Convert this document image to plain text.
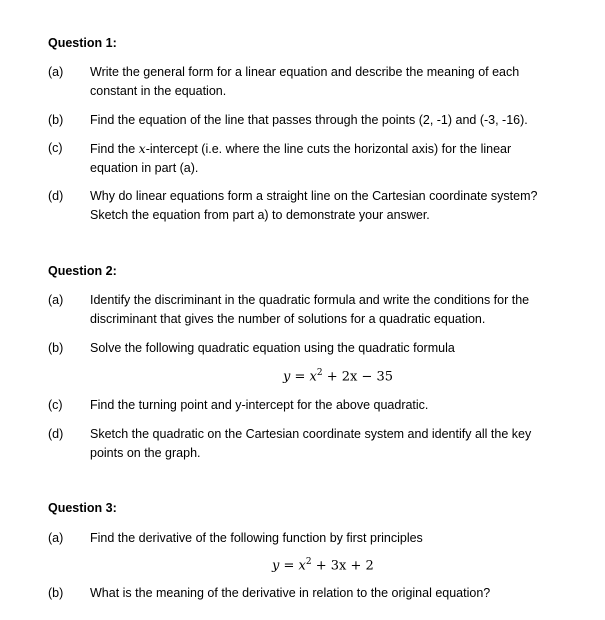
Question 1:
(a) Write the general form for a linear equation and describe the meaning of each
constant in the equation.
(b) Find the equation of the line that passes through the points (2, -1) and (-3, -16).
(c) Find the x-intercept (i.e. where the line cuts the horizontal axis) for the linear
equation in part (a).
(d) Why do linear equations form a straight line on the Cartesian coordinate system?
Sketch the equation from part a) to demonstrate your answer.
Question 2:
(a) Identify the discriminant in the quadratic formula and write the conditions for the
discriminant that gives the number of solutions for a quadratic equation.
(b) Solve the following quadratic equation using the quadratic formula
$y = x^2 + 2x - 35$
(c) Find the turning point and y-intercept for the above quadratic.
(d) Sketch the quadratic on the Cartesian coordinate system and identify all the key
points on the graph.
Question 3:
(a) Find the derivative of the following function by first principles
$y = x^2 + 3x + 2$
(b) What is the meaning of the derivative in relation to the original equation?
